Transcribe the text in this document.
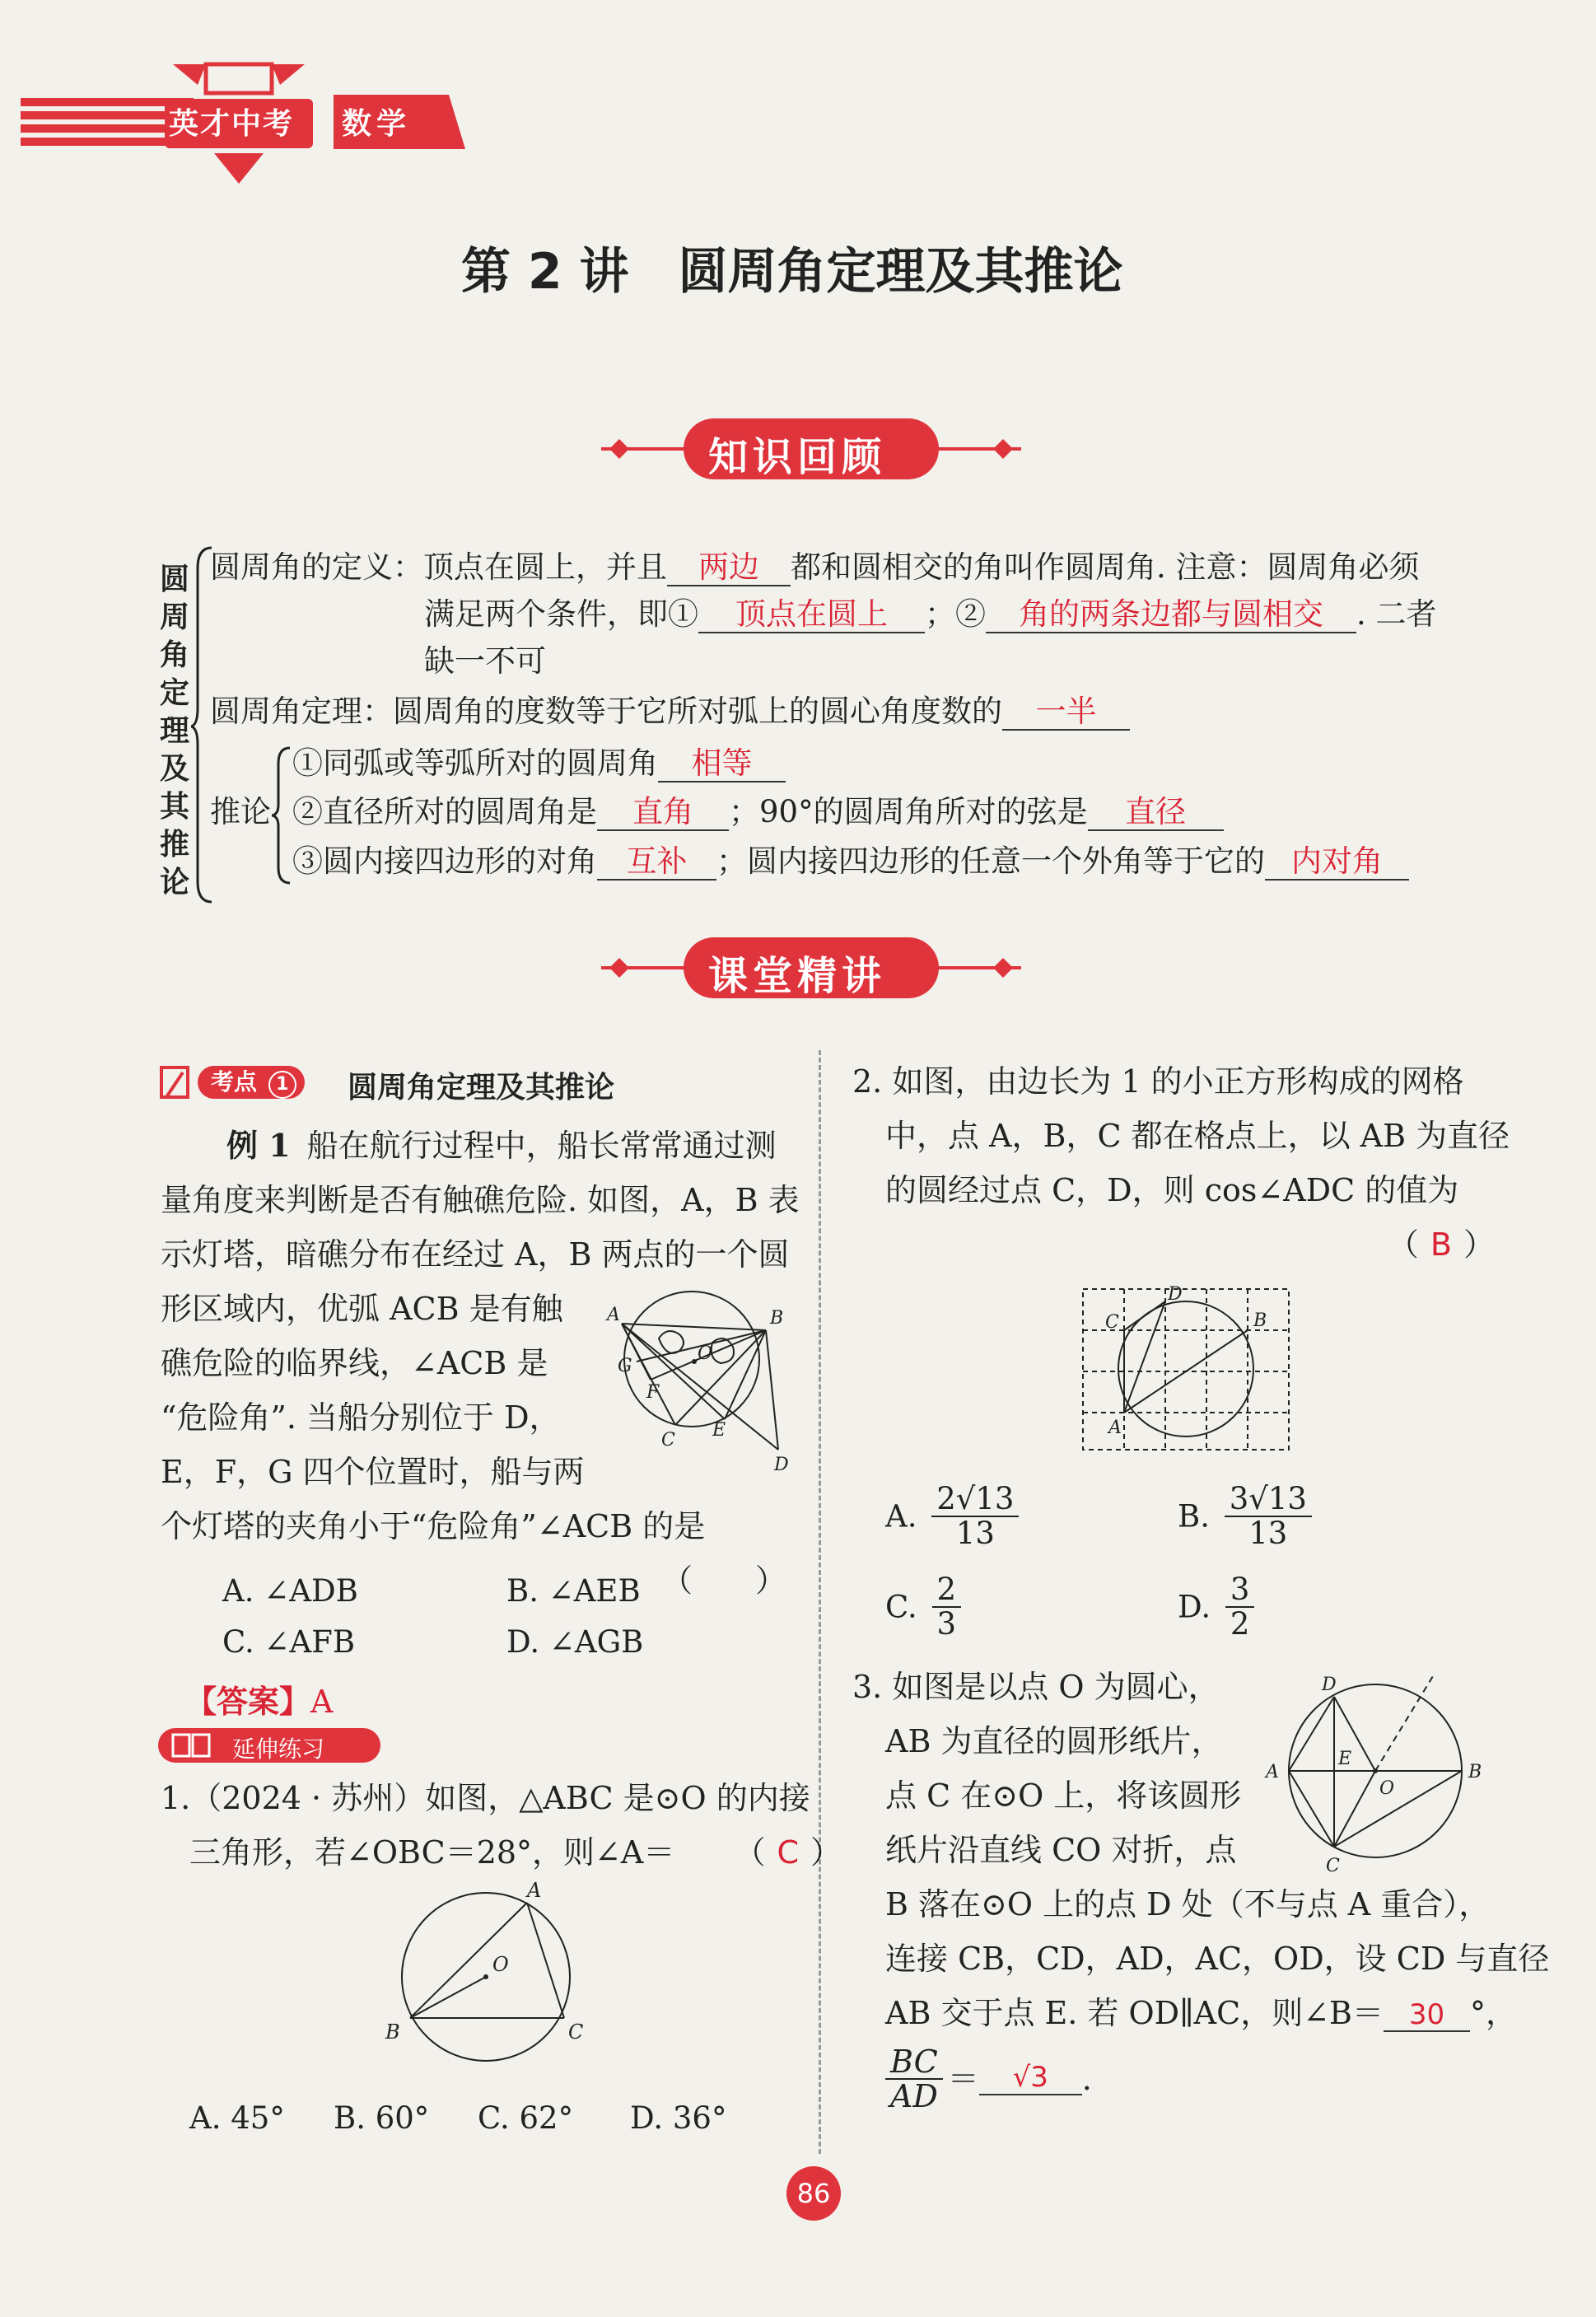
英才中考 数学
第 2 讲　圆周角定理及其推论
知识回顾
圆
周
角
定
理
及
其
推
论
圆周角的定义：顶点在圆上，并且 两边 都和圆相交的角叫作圆周角. 注意：圆周角必须
满足两个条件，即① 顶点在圆上 ；② 角的两条边都与圆相交 . 二者
缺一不可
圆周角定理：圆周角的度数等于它所对弧上的圆心角度数的 一半
推论
①同弧或等弧所对的圆周角 相等
②直径所对的圆周角是 直角 ；90°的圆周角所对的弦是 直径
③圆内接四边形的对角 互补 ；圆内接四边形的任意一个外角等于它的 内对角
课堂精讲
考点 1	圆周角定理及其推论
例 1 船在航行过程中，船长常常通过测
量角度来判断是否有触礁危险. 如图，A，B 表
示灯塔，暗礁分布在经过 A，B 两点的一个圆
形区域内，优弧 ACB 是有触
礁危险的临界线，∠ACB 是
“危险角”. 当船分别位于 D，
E，F，G 四个位置时，船与两
个灯塔的夹角小于“危险角”∠ACB 的是
（　　）
A	B
C
D
E
F
G
O
A. ∠ADB	B. ∠AEB
C. ∠AFB	D. ∠AGB
【答案】A
延伸练习
1.（2024 · 苏州）如图，△ABC 是⊙O 的内接
三角形，若∠OBC＝28°，则∠A＝ （ C ）
A
B	C
O
A. 45° B. 60° C. 62° D. 36°
2. 如图，由边长为 1 的小正方形构成的网格
中，点 A，B，C 都在格点上，以 AB 为直径
的圆经过点 C，D，则 cos∠ADC 的值为
（ B ）
A
B
C
D
A. $\frac{2√13}{13}$	B. $\frac{3√13}{13}$
C. $\frac{2}{3}$	D. $\frac{3}{2}$
3. 如图是以点 O 为圆心，
AB 为直径的圆形纸片，
点 C 在⊙O 上，将该圆形
纸片沿直线 CO 对折，点
B 落在⊙O 上的点 D 处（不与点 A 重合），
连接 CB，CD，AD，AC，OD，设 CD 与直径
AB 交于点 E. 若 OD∥AC，则∠B＝ 30 °，
$\frac{BC}{AD} = √3$ .
A	B
C
D
E
O
86
